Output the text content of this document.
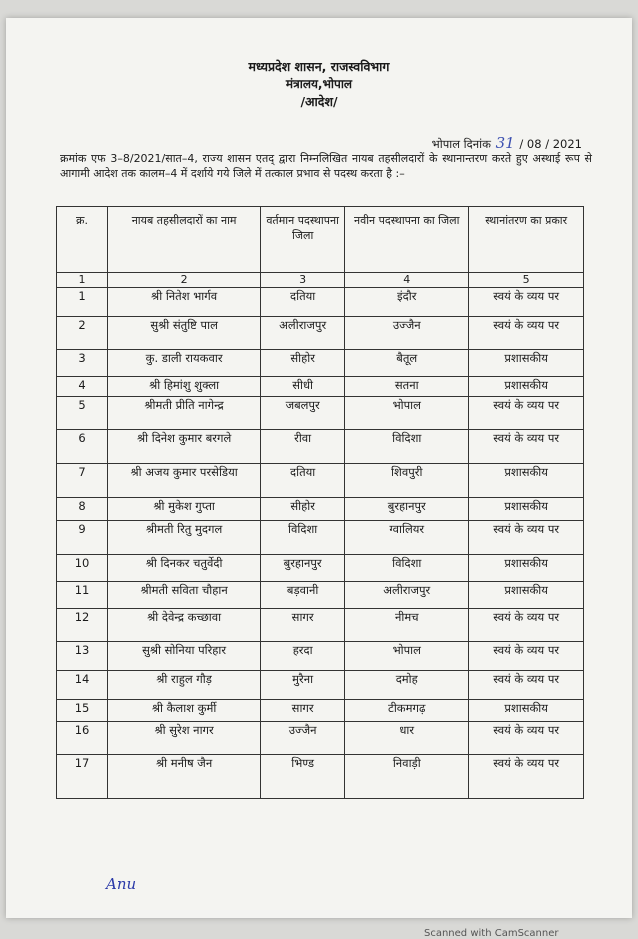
मध्यप्रदेश शासन, राजस्वविभाग
मंत्रालय,भोपाल
/आदेश/
भोपाल दिनांक 31 / 08 / 2021
क्रमांक एफ 3–8/2021/सात–4, राज्य शासन एतद् द्वारा निम्नलिखित नायब तहसीलदारों के स्थानान्तरण करते हुए अस्थाई रूप से आगामी आदेश तक कालम–4 में दर्शाये गये जिले में तत्काल प्रभाव से पदस्थ करता है :–
क्र.	नायब तहसीलदारों का नाम	वर्तमान पदस्थापना जिला	नवीन पदस्थापना का जिला	स्थानांतरण का प्रकार
1	2	3	4	5
1	श्री नितेश भार्गव	दतिया	इंदौर	स्वयं के व्यय पर
2	सुश्री संतुष्टि पाल	अलीराजपुर	उज्जैन	स्वयं के व्यय पर
3	कु. डाली रायकवार	सीहोर	बैतूल	प्रशासकीय
4	श्री हिमांशु शुक्ला	सीधी	सतना	प्रशासकीय
5	श्रीमती प्रीति नागेन्द्र	जबलपुर	भोपाल	स्वयं के व्यय पर
6	श्री दिनेश कुमार बरगले	रीवा	विदिशा	स्वयं के व्यय पर
7	श्री अजय कुमार परसेडिया	दतिया	शिवपुरी	प्रशासकीय
8	श्री मुकेश गुप्ता	सीहोर	बुरहानपुर	प्रशासकीय
9	श्रीमती रितु मुदगल	विदिशा	ग्वालियर	स्वयं के व्यय पर
10	श्री दिनकर चतुर्वेदी	बुरहानपुर	विदिशा	प्रशासकीय
11	श्रीमती सविता चौहान	बड़वानी	अलीराजपुर	प्रशासकीय
12	श्री देवेन्द्र कच्छावा	सागर	नीमच	स्वयं के व्यय पर
13	सुश्री सोनिया परिहार	हरदा	भोपाल	स्वयं के व्यय पर
14	श्री राहुल गौड़	मुरैना	दमोह	स्वयं के व्यय पर
15	श्री कैलाश कुर्मी	सागर	टीकमगढ़	प्रशासकीय
16	श्री सुरेश नागर	उज्जैन	धार	स्वयं के व्यय पर
17	श्री मनीष जैन	भिण्ड	निवाड़ी	स्वयं के व्यय पर
Anu
Scanned with CamScanner
